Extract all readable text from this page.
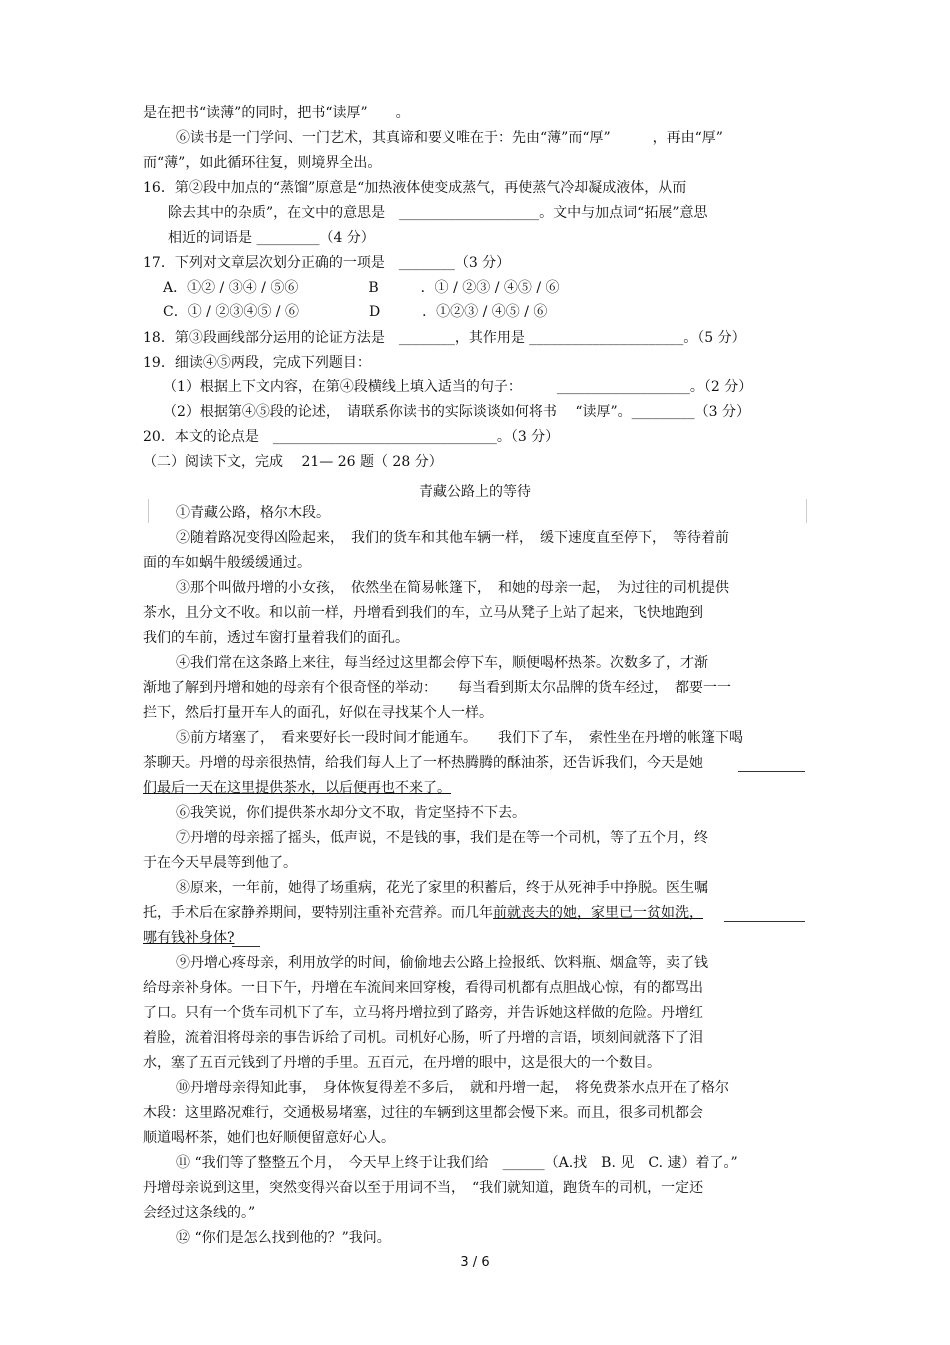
是在把书“读薄”的同时，把书“读厚”　　。
⑥读书是一门学问、一门艺术，其真谛和要义唯在于：先由“薄”而“厚”　　　，再由“厚”
而“薄”，如此循环往复，则境界全出。
16．第②段中加点的“蒸馏”原意是“加热液体使变成蒸气，再使蒸气冷却凝成液体，从而
除去其中的杂质”，在文中的意思是　____________________。文中与加点词“拓展”意思
相近的词语是 _________（4 分）
17．下列对文章层次划分正确的一项是　________（3 分）
A．①② / ③④ / ⑤⑥　　　　　B　　　．① / ②③ / ④⑤ / ⑥
C．① / ②③④⑤ / ⑥　　　　　D　　　．①②③ / ④⑤ / ⑥
18．第③段画线部分运用的论证方法是　________，其作用是 ______________________。（5 分）
19．细读④⑤两段，完成下列题目：
（1）根据上下文内容，在第④段横线上填入适当的句子：　　　___________________。（2 分）
（2）根据第④⑤段的论述，　请联系你读书的实际谈谈如何将书　 “读厚”。_________（3 分）
20．本文的论点是　________________________________。（3 分）
（二）阅读下文，完成　 21— 26 题（ 28 分）
青藏公路上的等待
①青藏公路，格尔木段。
②随着路况变得凶险起来，　我们的货车和其他车辆一样，　缓下速度直至停下，　等待着前
面的车如蜗牛般缓缓通过。
③那个叫做丹增的小女孩，　依然坐在简易帐篷下，　和她的母亲一起，　为过往的司机提供
茶水，且分文不收。和以前一样，丹增看到我们的车，立马从凳子上站了起来，飞快地跑到
我们的车前，透过车窗打量着我们的面孔。
④我们常在这条路上来往，每当经过这里都会停下车，顺便喝杯热茶。次数多了，才渐
渐地了解到丹增和她的母亲有个很奇怪的举动：　　每当看到斯太尔品牌的货车经过，　都要一一
拦下，然后打量开车人的面孔，好似在寻找某个人一样。
⑤前方堵塞了，　看来要好长一段时间才能通车。　　我们下了车，　索性坐在丹增的帐篷下喝
茶聊天。丹增的母亲很热情，给我们每人上了一杯热腾腾的酥油茶，还告诉我们，今天是她
们最后一天在这里提供茶水，以后便再也不来了。
⑥我笑说，你们提供茶水却分文不取，肯定坚持不下去。
⑦丹增的母亲摇了摇头，低声说，不是钱的事，我们是在等一个司机，等了五个月，终
于在今天早晨等到他了。
⑧原来，一年前，她得了场重病，花光了家里的积蓄后，终于从死神手中挣脱。医生嘱
托，手术后在家静养期间，要特别注重补充营养。而几年前就丧夫的她，家里已一贫如洗，
哪有钱补身体?
⑨丹增心疼母亲，利用放学的时间，偷偷地去公路上捡报纸、饮料瓶、烟盒等，卖了钱
给母亲补身体。一日下午，丹增在车流间来回穿梭，看得司机都有点胆战心惊，有的都骂出
了口。只有一个货车司机下了车，立马将丹增拉到了路旁，并告诉她这样做的危险。丹增红
着脸，流着泪将母亲的事告诉给了司机。司机好心肠，听了丹增的言语，顷刻间就落下了泪
水，塞了五百元钱到了丹增的手里。五百元，在丹增的眼中，这是很大的一个数目。
⑩丹增母亲得知此事，　身体恢复得差不多后，　就和丹增一起，　将免费茶水点开在了格尔
木段：这里路况难行，交通极易堵塞，过往的车辆到这里都会慢下来。而且，很多司机都会
顺道喝杯茶，她们也好顺便留意好心人。
⑪ “我们等了整整五个月，　今天早上终于让我们给　______（A.找　B. 见　C. 逮）着了。”
丹增母亲说到这里，突然变得兴奋以至于用词不当，　“我们就知道，跑货车的司机，一定还
会经过这条线的。”
⑫ “你们是怎么找到他的？”我问。
3 / 6
